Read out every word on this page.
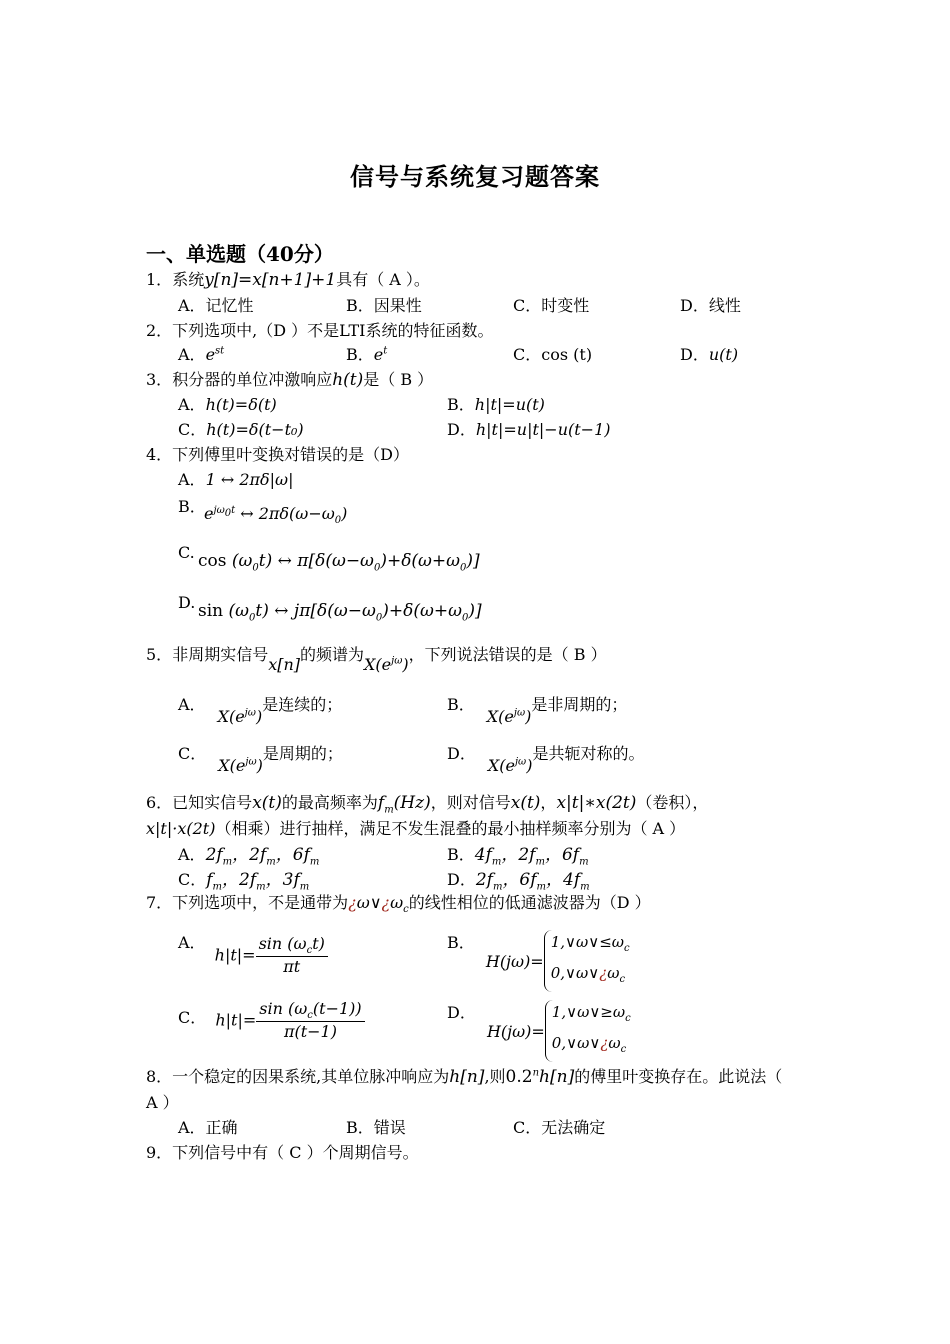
信号与系统复习题答案
一、单选题（40分）
1．系统y[n]=x[n+1]+1具有（ A ）。
A．记忆性	B．因果性	C．时变性	D．线性
2．下列选项中,（D ）不是LTI系统的特征函数。
A．$e^{st}$	B．$e^t$	C．cos (t)	D．u(t)
3．积分器的单位冲激响应h(t)是（ B ）
A．h(t)=δ(t)	B．h|t|=u(t)
C．h(t)=δ(t−t₀)	D．h|t|=u|t|−u(t−1)
4．下列傅里叶变换对错误的是（D）
A．1 ↔ 2πδ|ω|
B．
$e^{j\omega_0t}$ ↔ $2\pi\delta(\omega-\omega_0)$
C. $\cos (\omega_0t)$ ↔ $\pi[\delta(\omega-\omega_0)+\delta(\omega+\omega_0)]$
D. $\sin (\omega_0t)$ ↔ $j\pi[\delta(\omega-\omega_0)+\delta(\omega+\omega_0)]$
5．非周期实信号x[n]的频谱为$X(e^{j\omega})$，下列说法错误的是（ B ）
A．$X(e^{j\omega})$是连续的；	B．$X(e^{j\omega})$是非周期的；
C．$X(e^{j\omega})$是周期的；	D．$X(e^{j\omega})$是共轭对称的。
6．已知实信号x(t)的最高频率为$f_m(Hz)$，则对信号x(t)，x|t|∗x(2t)（卷积），
x|t|·x(2t)（相乘）进行抽样，满足不发生混叠的最小抽样频率分别为（ A ）
A．$2f_m$，$2f_m$，$6f_m$	B．$4f_m$，$2f_m$，$6f_m$
C．$f_m$，$2f_m$，$3f_m$	D．$2f_m$，$6f_m$，$4f_m$
7．下列选项中，不是通带为¿$\omega\vee¿\omega_c$的线性相位的低通滤波器为（D ）
A． $h|t|= \frac{\sin (\omega_ct)}{\pi t}$	B． $H(j\omega)=1,\vee\omega\vee\le\omega_c$
$0,\vee\omega\vee¿\omega_c$
C． $h|t|= \frac{\sin (\omega_c(t-1))}{\pi(t-1)}$	D． $H(j\omega)=1,\vee\omega\vee\ge\omega_c$
$0,\vee\omega\vee¿\omega_c$
8．一个稳定的因果系统,其单位脉冲响应为h[n],则0.2$^n$h[n]的傅里叶变换存在。此说法（
A ）
A．正确	B．错误	C．无法确定
9．下列信号中有（ C ）个周期信号。
